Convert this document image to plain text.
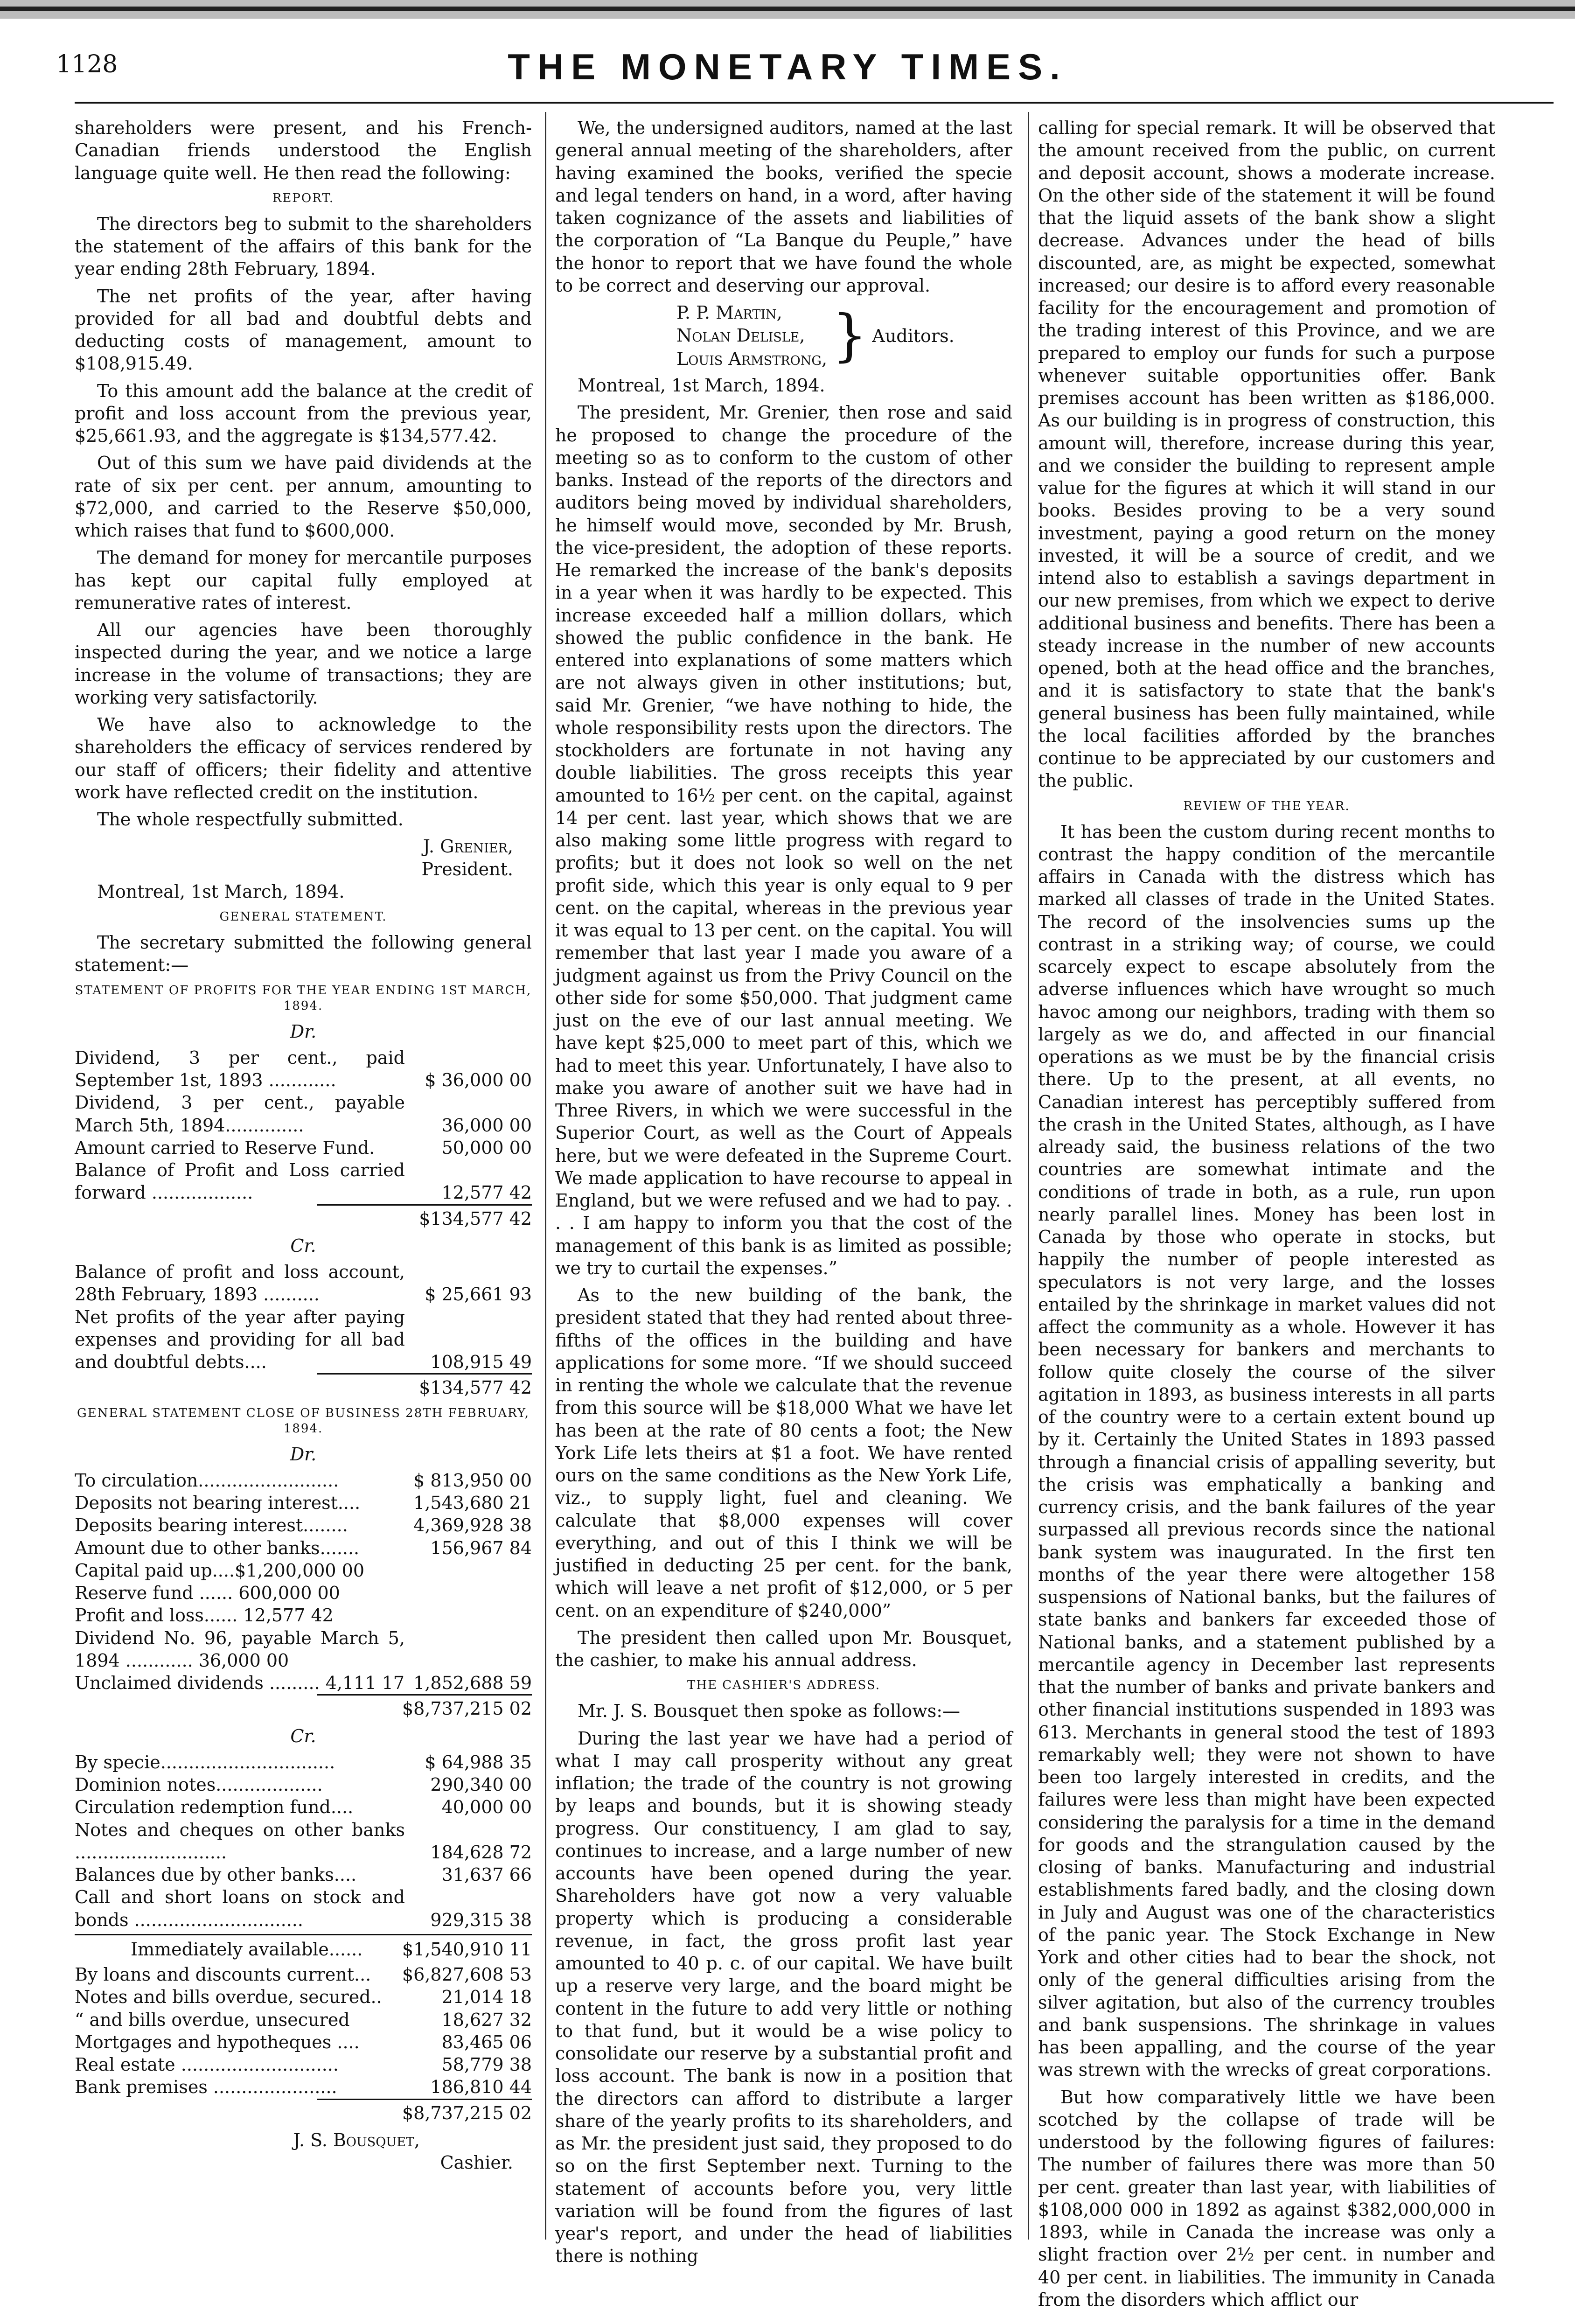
1128	THE MONETARY TIMES.

shareholders were present, and his French-Canadian friends understood the English language quite well. He then read the following:

REPORT.

The directors beg to submit to the shareholders the statement of the affairs of this bank for the year ending 28th February, 1894.

The net profits of the year, after having provided for all bad and doubtful debts and deducting costs of management, amount to $108,915.49.

To this amount add the balance at the credit of profit and loss account from the previous year, $25,661.93, and the aggregate is $134,577.42.

Out of this sum we have paid dividends at the rate of six per cent. per annum, amounting to $72,000, and carried to the Reserve $50,000, which raises that fund to $600,000.

The demand for money for mercantile purposes has kept our capital fully employed at remunerative rates of interest.

All our agencies have been thoroughly inspected during the year, and we notice a large increase in the volume of transactions; they are working very satisfactorily.

We have also to acknowledge to the shareholders the efficacy of services rendered by our staff of officers; their fidelity and attentive work have reflected credit on the institution.

The whole respectfully submitted.

J. Grenier,
President.

Montreal, 1st March, 1894.

GENERAL STATEMENT.

The secretary submitted the following general statement:—

STATEMENT OF PROFITS FOR THE YEAR ENDING 1ST MARCH, 1894.
Dr.
Dividend, 3 per cent., paid September 1st, 1893 ............	$ 36,000 00
Dividend, 3 per cent., payable March 5th, 1894..............	36,000 00
Amount carried to Reserve Fund.	50,000 00
Balance of Profit and Loss carried forward ..................	12,577 42
$134,577 42
Cr.
Balance of profit and loss account, 28th February, 1893 ..........	$ 25,661 93
Net profits of the year after paying expenses and providing for all bad and doubtful debts....	108,915 49
$134,577 42
GENERAL STATEMENT CLOSE OF BUSINESS 28TH FEBRUARY, 1894.
Dr.
To circulation.........................	$ 813,950 00
Deposits not bearing interest....	1,543,680 21
Deposits bearing interest........	4,369,928 38
Amount due to other banks.......	156,967 84
Capital paid up....$1,200,000 00
Reserve fund ...... 600,000 00
Profit and loss...... 12,577 42
Dividend No. 96, payable March 5, 1894 ............ 36,000 00
Unclaimed dividends ......... 4,111 17 1,852,688 59
$8,737,215 02
Cr.
By specie...............................	$ 64,988 35
Dominion notes...................	290,340 00
Circulation redemption fund....	40,000 00
Notes and cheques on other banks ...........................	184,628 72
Balances due by other banks....	31,637 66
Call and short loans on stock and bonds ..............................	929,315 38
Immediately available......	$1,540,910 11
By loans and discounts current...	$6,827,608 53
Notes and bills overdue, secured..	21,014 18
“ and bills overdue, unsecured	18,627 32
Mortgages and hypotheques ....	83,465 06
Real estate ............................	58,779 38
Bank premises ......................	186,810 44
$8,737,215 02
J. S. Bousquet,
Cashier.

We, the undersigned auditors, named at the last general annual meeting of the shareholders, after having examined the books, verified the specie and legal tenders on hand, in a word, after having taken cognizance of the assets and liabilities of the corporation of “La Banque du Peuple,” have the honor to report that we have found the whole to be correct and deserving our approval.

P. P. Martin,
Nolan Delisle,
Louis Armstrong, } Auditors.

Montreal, 1st March, 1894.

The president, Mr. Grenier, then rose and said he proposed to change the procedure of the meeting so as to conform to the custom of other banks. Instead of the reports of the directors and auditors being moved by individual shareholders, he himself would move, seconded by Mr. Brush, the vice-president, the adoption of these reports. He remarked the increase of the bank's deposits in a year when it was hardly to be expected. This increase exceeded half a million dollars, which showed the public confidence in the bank. He entered into explanations of some matters which are not always given in other institutions; but, said Mr. Grenier, “we have nothing to hide, the whole responsibility rests upon the directors. The stockholders are fortunate in not having any double liabilities. The gross receipts this year amounted to 16½ per cent. on the capital, against 14 per cent. last year, which shows that we are also making some little progress with regard to profits; but it does not look so well on the net profit side, which this year is only equal to 9 per cent. on the capital, whereas in the previous year it was equal to 13 per cent. on the capital. You will remember that last year I made you aware of a judgment against us from the Privy Council on the other side for some $50,000. That judgment came just on the eve of our last annual meeting. We have kept $25,000 to meet part of this, which we had to meet this year. Unfortunately, I have also to make you aware of another suit we have had in Three Rivers, in which we were successful in the Superior Court, as well as the Court of Appeals here, but we were defeated in the Supreme Court. We made application to have recourse to appeal in England, but we were refused and we had to pay. . . . I am happy to inform you that the cost of the management of this bank is as limited as possible; we try to curtail the expenses.”

As to the new building of the bank, the president stated that they had rented about three-fifths of the offices in the building and have applications for some more. “If we should succeed in renting the whole we calculate that the revenue from this source will be $18,000 What we have let has been at the rate of 80 cents a foot; the New York Life lets theirs at $1 a foot. We have rented ours on the same conditions as the New York Life, viz., to supply light, fuel and cleaning. We calculate that $8,000 expenses will cover everything, and out of this I think we will be justified in deducting 25 per cent. for the bank, which will leave a net profit of $12,000, or 5 per cent. on an expenditure of $240,000”

The president then called upon Mr. Bousquet, the cashier, to make his annual address.

THE CASHIER'S ADDRESS.

Mr. J. S. Bousquet then spoke as follows:—

During the last year we have had a period of what I may call prosperity without any great inflation; the trade of the country is not growing by leaps and bounds, but it is showing steady progress. Our constituency, I am glad to say, continues to increase, and a large number of new accounts have been opened during the year. Shareholders have got now a very valuable property which is producing a considerable revenue, in fact, the gross profit last year amounted to 40 p. c. of our capital. We have built up a reserve very large, and the board might be content in the future to add very little or nothing to that fund, but it would be a wise policy to consolidate our reserve by a substantial profit and loss account. The bank is now in a position that the directors can afford to distribute a larger share of the yearly profits to its shareholders, and as Mr. the president just said, they proposed to do so on the first September next. Turning to the statement of accounts before you, very little variation will be found from the figures of last year's report, and under the head of liabilities there is nothing

calling for special remark. It will be observed that the amount received from the public, on current and deposit account, shows a moderate increase. On the other side of the statement it will be found that the liquid assets of the bank show a slight decrease. Advances under the head of bills discounted, are, as might be expected, somewhat increased; our desire is to afford every reasonable facility for the encouragement and promotion of the trading interest of this Province, and we are prepared to employ our funds for such a purpose whenever suitable opportunities offer. Bank premises account has been written as $186,000. As our building is in progress of construction, this amount will, therefore, increase during this year, and we consider the building to represent ample value for the figures at which it will stand in our books. Besides proving to be a very sound investment, paying a good return on the money invested, it will be a source of credit, and we intend also to establish a savings department in our new premises, from which we expect to derive additional business and benefits. There has been a steady increase in the number of new accounts opened, both at the head office and the branches, and it is satisfactory to state that the bank's general business has been fully maintained, while the local facilities afforded by the branches continue to be appreciated by our customers and the public.

REVIEW OF THE YEAR.

It has been the custom during recent months to contrast the happy condition of the mercantile affairs in Canada with the distress which has marked all classes of trade in the United States. The record of the insolvencies sums up the contrast in a striking way; of course, we could scarcely expect to escape absolutely from the adverse influences which have wrought so much havoc among our neighbors, trading with them so largely as we do, and affected in our financial operations as we must be by the financial crisis there. Up to the present, at all events, no Canadian interest has perceptibly suffered from the crash in the United States, although, as I have already said, the business relations of the two countries are somewhat intimate and the conditions of trade in both, as a rule, run upon nearly parallel lines. Money has been lost in Canada by those who operate in stocks, but happily the number of people interested as speculators is not very large, and the losses entailed by the shrinkage in market values did not affect the community as a whole. However it has been necessary for bankers and merchants to follow quite closely the course of the silver agitation in 1893, as business interests in all parts of the country were to a certain extent bound up by it. Certainly the United States in 1893 passed through a financial crisis of appalling severity, but the crisis was emphatically a banking and currency crisis, and the bank failures of the year surpassed all previous records since the national bank system was inaugurated. In the first ten months of the year there were altogether 158 suspensions of National banks, but the failures of state banks and bankers far exceeded those of National banks, and a statement published by a mercantile agency in December last represents that the number of banks and private bankers and other financial institutions suspended in 1893 was 613. Merchants in general stood the test of 1893 remarkably well; they were not shown to have been too largely interested in credits, and the failures were less than might have been expected considering the paralysis for a time in the demand for goods and the strangulation caused by the closing of banks. Manufacturing and industrial establishments fared badly, and the closing down in July and August was one of the characteristics of the panic year. The Stock Exchange in New York and other cities had to bear the shock, not only of the general difficulties arising from the silver agitation, but also of the currency troubles and bank suspensions. The shrinkage in values has been appalling, and the course of the year was strewn with the wrecks of great corporations.

But how comparatively little we have been scotched by the collapse of trade will be understood by the following figures of failures: The number of failures there was more than 50 per cent. greater than last year, with liabilities of $108,000 000 in 1892 as against $382,000,000 in 1893, while in Canada the increase was only a slight fraction over 2½ per cent. in number and 40 per cent. in liabilities. The immunity in Canada from the disorders which afflict our
